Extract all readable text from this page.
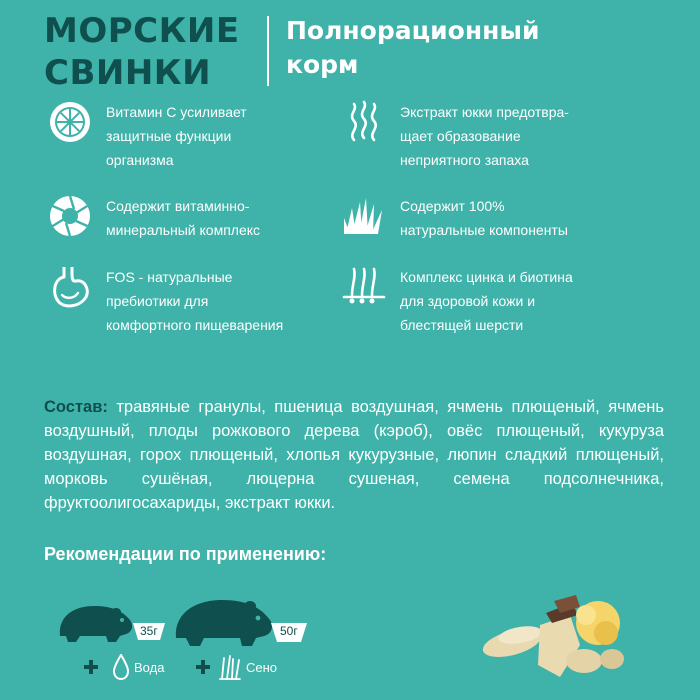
МОРСКИЕ
СВИНКИ
Полнорационный
корм
Витамин С усиливает
защитные функции
организма
Экстракт юкки предотвра-
щает образование
неприятного запаха
Содержит витаминно-
минеральный комплекс
Содержит 100%
натуральные компоненты
FOS - натуральные
пребиотики для
комфортного пищеварения
Комплекс цинка и биотина
для здоровой кожи и
блестящей шерсти
Состав: травяные гранулы, пшеница воздушная, ячмень плющеный, ячмень воздушный, плоды рожкового дерева (кэроб), овёс плющеный, кукуруза воздушная, горох плющеный, хлопья кукурузные, люпин сладкий плющеный, морковь сушёная, люцерна сушеная, семена подсолнечника, фруктоолигосахариды, экстракт юкки.
Рекомендации по применению:
35г	50г
Вода	Сено
